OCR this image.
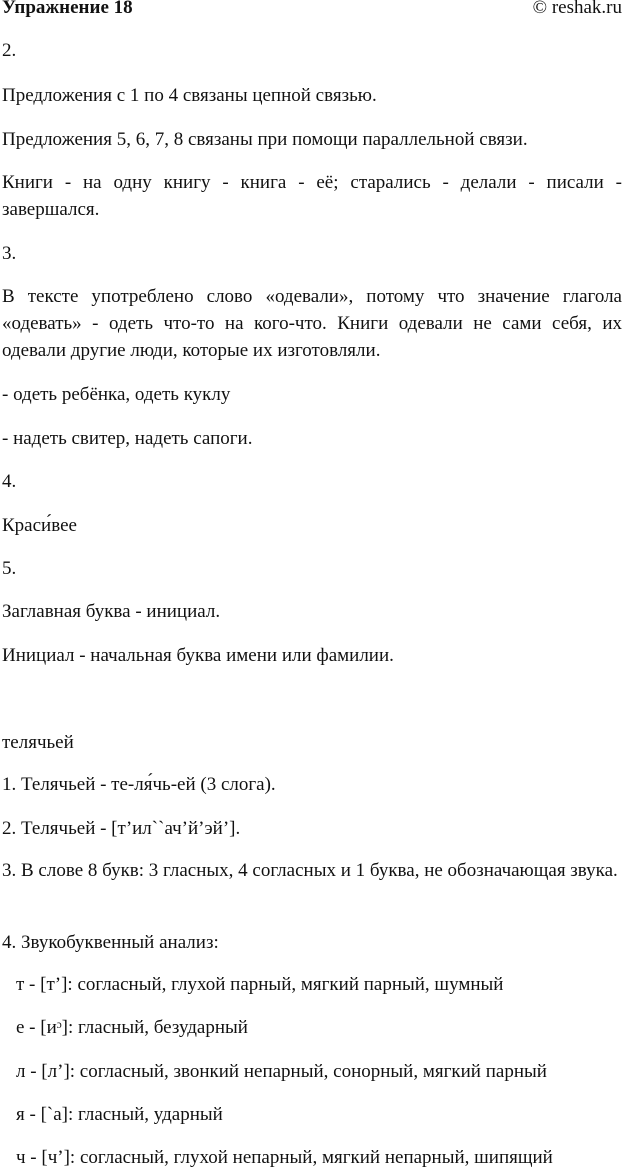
Упражнение 18	© reshak.ru

2.

Предложения с 1 по 4 связаны цепной связью.

Предложения 5, 6, 7, 8 связаны при помощи параллельной связи.

Книги - на одну книгу - книга - её; старались - делали - писали - завершался.

3.

В тексте употреблено слово «одевали», потому что значение глагола «одевать» - одеть что-то на кого-что. Книги одевали не сами себя, их одевали другие люди, которые их изготовляли.

- одеть ребёнка, одеть куклу

- надеть свитер, надеть сапоги.

4.

Краси́вее

5.

Заглавная буква - инициал.

Инициал - начальная буква имени или фамилии.

телячьей

1. Телячьей - те-ля́чь-ей (3 слога).

2. Телячьей - [т’ил``ач’й’эй’].

3. В слове 8 букв: 3 гласных, 4 согласных и 1 буква, не обозначающая звука.

4. Звукобуквенный анализ:

т - [т’]: согласный, глухой парный, мягкий парный, шумный

е - [иᵓ]: гласный, безударный

л - [л’]: согласный, звонкий непарный, сонорный, мягкий парный

я - [`а]: гласный, ударный

ч - [ч’]: согласный, глухой непарный, мягкий непарный, шипящий
